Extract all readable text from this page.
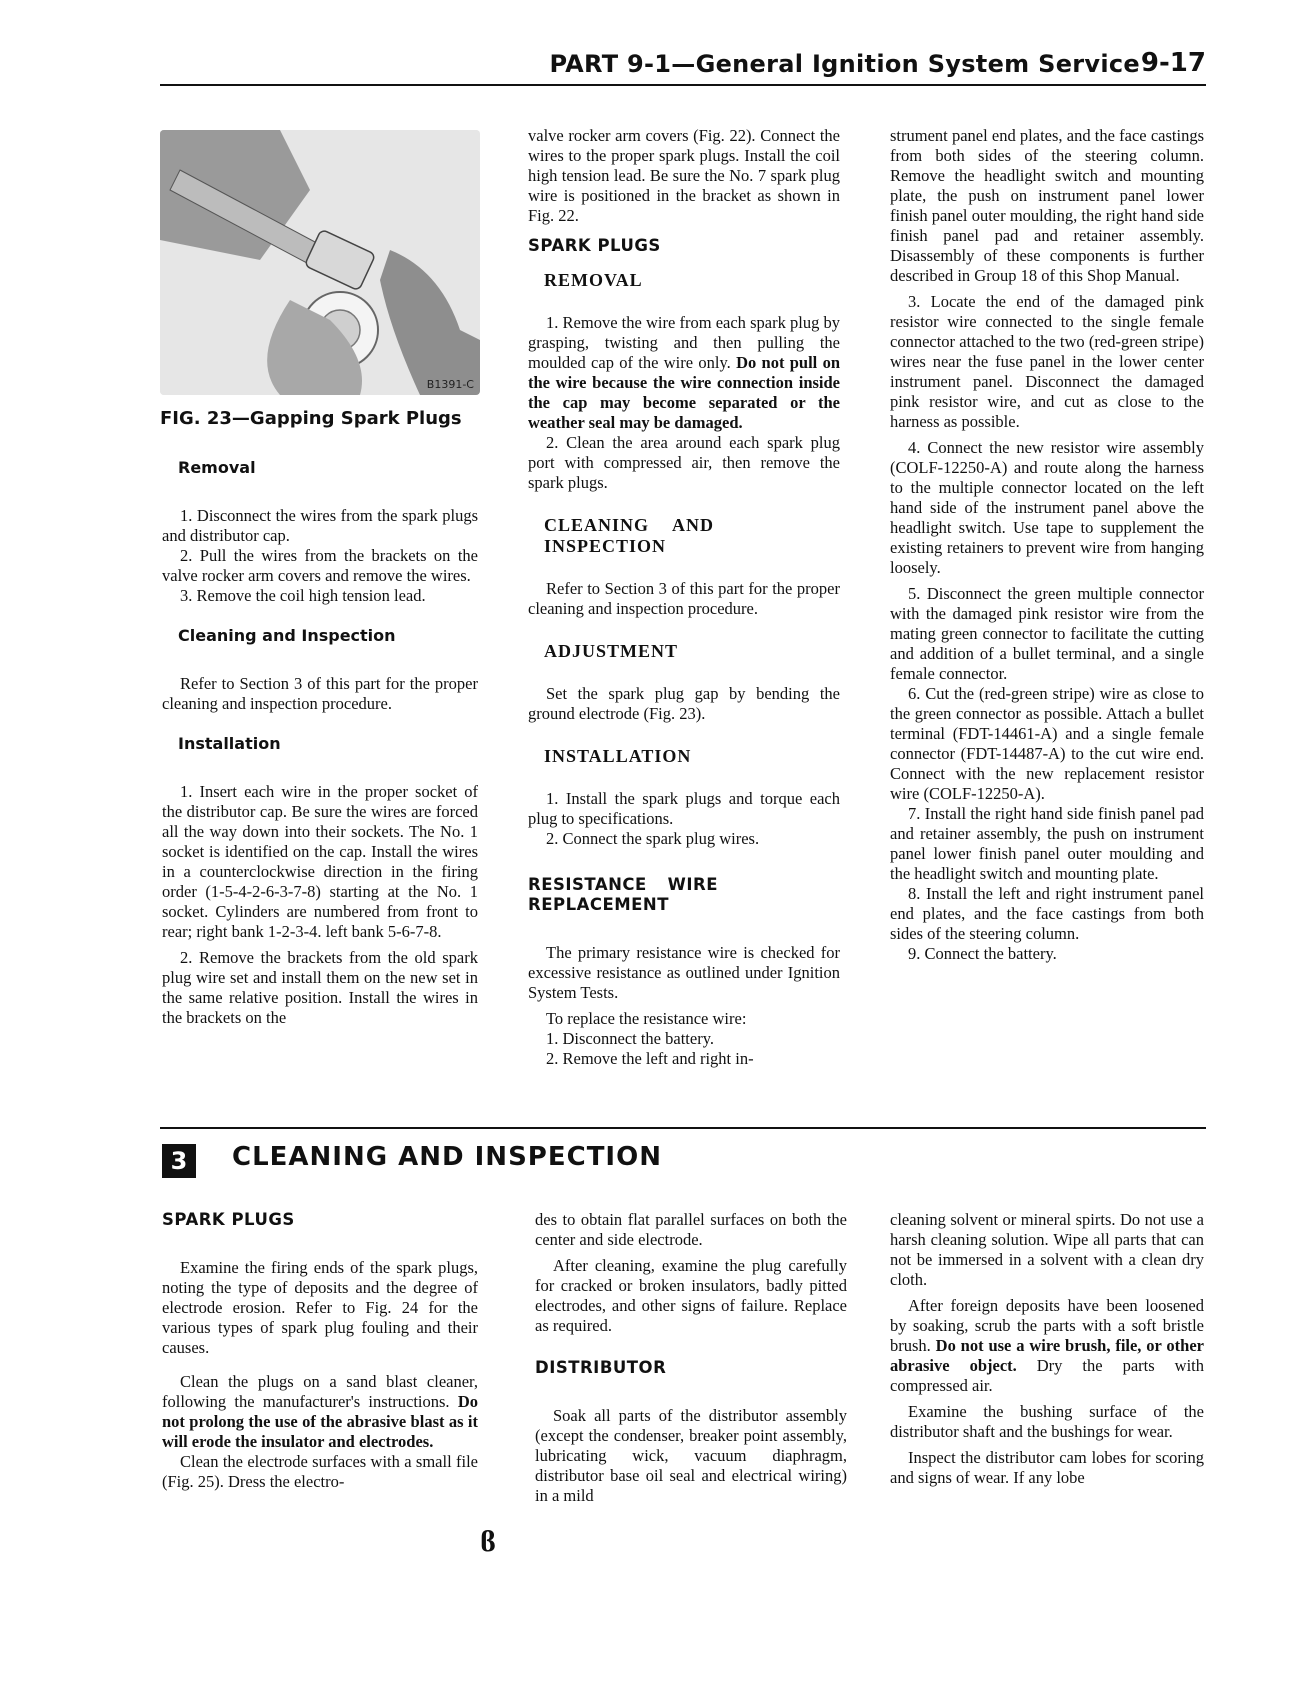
PART 9-1—General Ignition System Service 9-17
B1391-C
FIG. 23—Gapping Spark Plugs
Removal

1. Disconnect the wires from the spark plugs and distributor cap.

2. Pull the wires from the brackets on the valve rocker arm covers and remove the wires.

3. Remove the coil high tension lead.

Cleaning and Inspection

Refer to Section 3 of this part for the proper cleaning and inspection procedure.

Installation

1. Insert each wire in the proper socket of the distributor cap. Be sure the wires are forced all the way down into their sockets. The No. 1 socket is identified on the cap. Install the wires in a counterclockwise direction in the firing order (1-5-4-2-6-3-7-8) starting at the No. 1 socket. Cylinders are numbered from front to rear; right bank 1-2-3-4. left bank 5-6-7-8.

2. Remove the brackets from the old spark plug wire set and install them on the new set in the same relative position. Install the wires in the brackets on the

valve rocker arm covers (Fig. 22). Connect the wires to the proper spark plugs. Install the coil high tension lead. Be sure the No. 7 spark plug wire is positioned in the bracket as shown in Fig. 22.

SPARK PLUGS
REMOVAL

1. Remove the wire from each spark plug by grasping, twisting and then pulling the moulded cap of the wire only. Do not pull on the wire because the wire connection inside the cap may become separated or the weather seal may be damaged.

2. Clean the area around each spark plug port with compressed air, then remove the spark plugs.

CLEANING AND INSPECTION

Refer to Section 3 of this part for the proper cleaning and inspection procedure.

ADJUSTMENT

Set the spark plug gap by bending the ground electrode (Fig. 23).

INSTALLATION

1. Install the spark plugs and torque each plug to specifications.

2. Connect the spark plug wires.

RESISTANCE WIRE REPLACEMENT

The primary resistance wire is checked for excessive resistance as outlined under Ignition System Tests.

To replace the resistance wire:

1. Disconnect the battery.

2. Remove the left and right in-

strument panel end plates, and the face castings from both sides of the steering column. Remove the headlight switch and mounting plate, the push on instrument panel lower finish panel outer moulding, the right hand side finish panel pad and retainer assembly. Disassembly of these components is further described in Group 18 of this Shop Manual.

3. Locate the end of the damaged pink resistor wire connected to the single female connector attached to the two (red-green stripe) wires near the fuse panel in the lower center instrument panel. Disconnect the damaged pink resistor wire, and cut as close to the harness as possible.

4. Connect the new resistor wire assembly (COLF-12250-A) and route along the harness to the multiple connector located on the left hand side of the instrument panel above the headlight switch. Use tape to supplement the existing retainers to prevent wire from hanging loosely.

5. Disconnect the green multiple connector with the damaged pink resistor wire from the mating green connector to facilitate the cutting and addition of a bullet terminal, and a single female connector.

6. Cut the (red-green stripe) wire as close to the green connector as possible. Attach a bullet terminal (FDT-14461-A) and a single female connector (FDT-14487-A) to the cut wire end. Connect with the new replacement resistor wire (COLF-12250-A).

7. Install the right hand side finish panel pad and retainer assembly, the push on instrument panel lower finish panel outer moulding and the headlight switch and mounting plate.

8. Install the left and right instrument panel end plates, and the face castings from both sides of the steering column.

9. Connect the battery.

3	CLEANING AND INSPECTION
SPARK PLUGS

Examine the firing ends of the spark plugs, noting the type of deposits and the degree of electrode erosion. Refer to Fig. 24 for the various types of spark plug fouling and their causes.

Clean the plugs on a sand blast cleaner, following the manufacturer's instructions. Do not prolong the use of the abrasive blast as it will erode the insulator and electrodes.

Clean the electrode surfaces with a small file (Fig. 25). Dress the electro-

des to obtain flat parallel surfaces on both the center and side electrode.

After cleaning, examine the plug carefully for cracked or broken insulators, badly pitted electrodes, and other signs of failure. Replace as required.

DISTRIBUTOR

Soak all parts of the distributor assembly (except the condenser, breaker point assembly, lubricating wick, vacuum diaphragm, distributor base oil seal and electrical wiring) in a mild

cleaning solvent or mineral spirts. Do not use a harsh cleaning solution. Wipe all parts that can not be immersed in a solvent with a clean dry cloth.

After foreign deposits have been loosened by soaking, scrub the parts with a soft bristle brush. Do not use a wire brush, file, or other abrasive object. Dry the parts with compressed air.

Examine the bushing surface of the distributor shaft and the bushings for wear.

Inspect the distributor cam lobes for scoring and signs of wear. If any lobe

ϐ
